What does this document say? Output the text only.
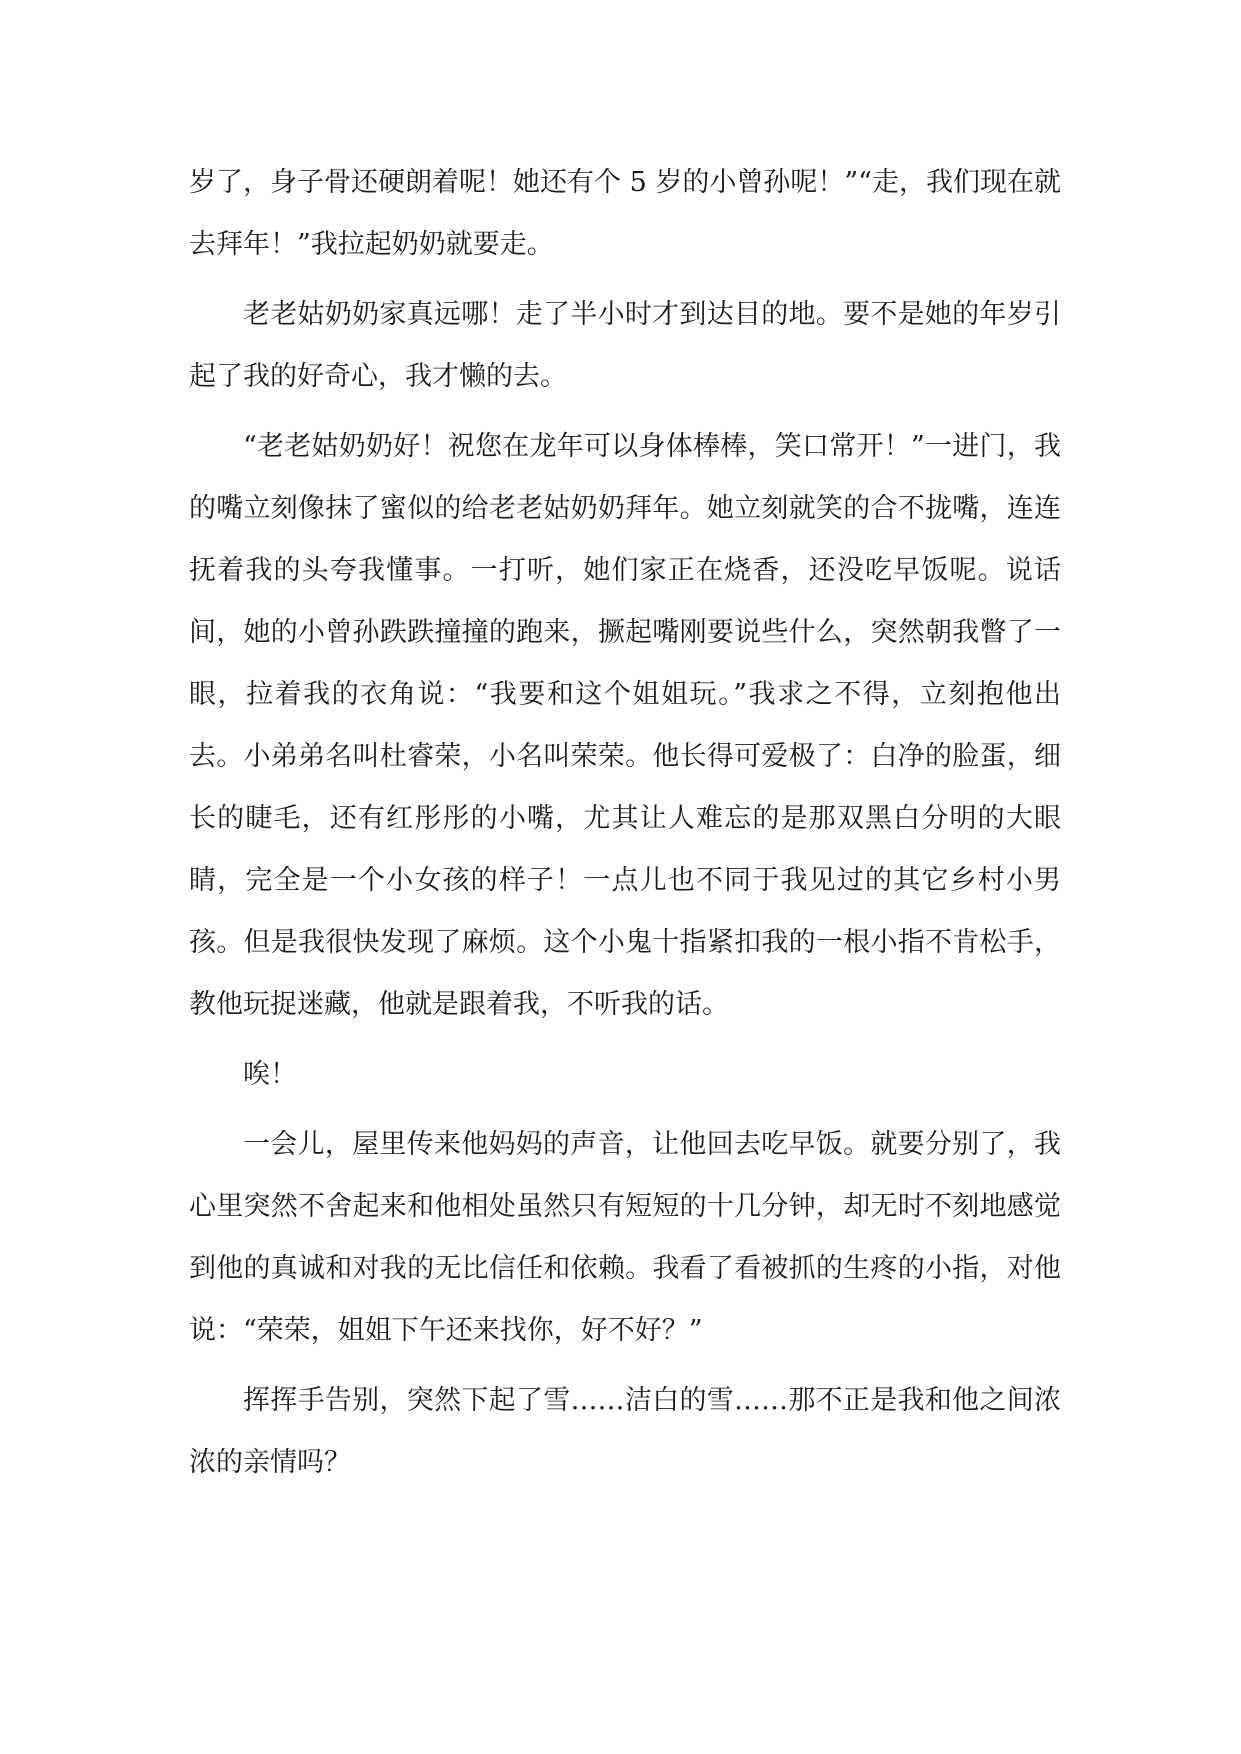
岁了，身子骨还硬朗着呢！她还有个 5 岁的小曾孙呢！”“走，我们现在就去拜年！”我拉起奶奶就要走。

老老姑奶奶家真远哪！走了半小时才到达目的地。要不是她的年岁引起了我的好奇心，我才懒的去。

“老老姑奶奶好！祝您在龙年可以身体棒棒，笑口常开！”一进门，我的嘴立刻像抹了蜜似的给老老姑奶奶拜年。她立刻就笑的合不拢嘴，连连抚着我的头夸我懂事。一打听，她们家正在烧香，还没吃早饭呢。说话间，她的小曾孙跌跌撞撞的跑来，撅起嘴刚要说些什么，突然朝我瞥了一眼，拉着我的衣角说：“我要和这个姐姐玩。”我求之不得，立刻抱他出去。小弟弟名叫杜睿荣，小名叫荣荣。他长得可爱极了：白净的脸蛋，细长的睫毛，还有红彤彤的小嘴，尤其让人难忘的是那双黑白分明的大眼睛，完全是一个小女孩的样子！一点儿也不同于我见过的其它乡村小男孩。但是我很快发现了麻烦。这个小鬼十指紧扣我的一根小指不肯松手，教他玩捉迷藏，他就是跟着我，不听我的话。

唉！

一会儿，屋里传来他妈妈的声音，让他回去吃早饭。就要分别了，我心里突然不舍起来和他相处虽然只有短短的十几分钟，却无时不刻地感觉到他的真诚和对我的无比信任和依赖。我看了看被抓的生疼的小指，对他说：“荣荣，姐姐下午还来找你，好不好？”

挥挥手告别，突然下起了雪……洁白的雪……那不正是我和他之间浓浓的亲情吗？
